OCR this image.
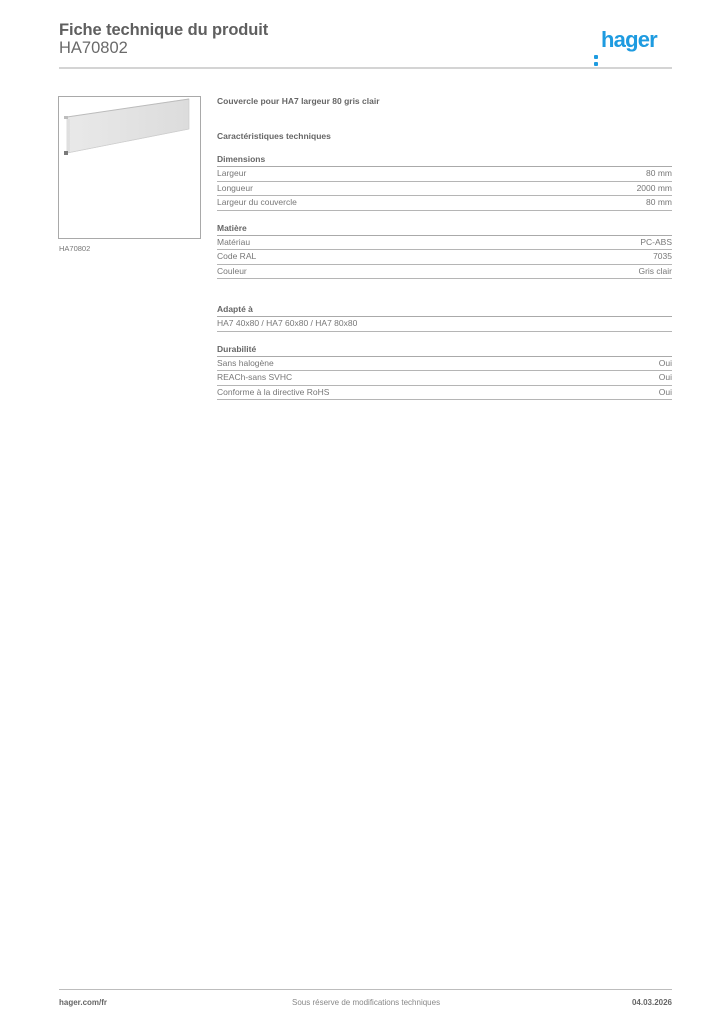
Fiche technique du produit
HA70802	hager
HA70802
Couvercle pour HA7 largeur 80 gris clair
Caractéristiques techniques
Dimensions
Largeur	80 mm
Longueur	2000 mm
Largeur du couvercle	80 mm
Matière
Matériau	PC-ABS
Code RAL	7035
Couleur	Gris clair
Adapté à
HA7 40x80 / HA7 60x80 / HA7 80x80
Durabilité
Sans halogène	Oui
REACh-sans SVHC	Oui
Conforme à la directive RoHS	Oui
hager.com/fr	Sous réserve de modifications techniques	04.03.2026
